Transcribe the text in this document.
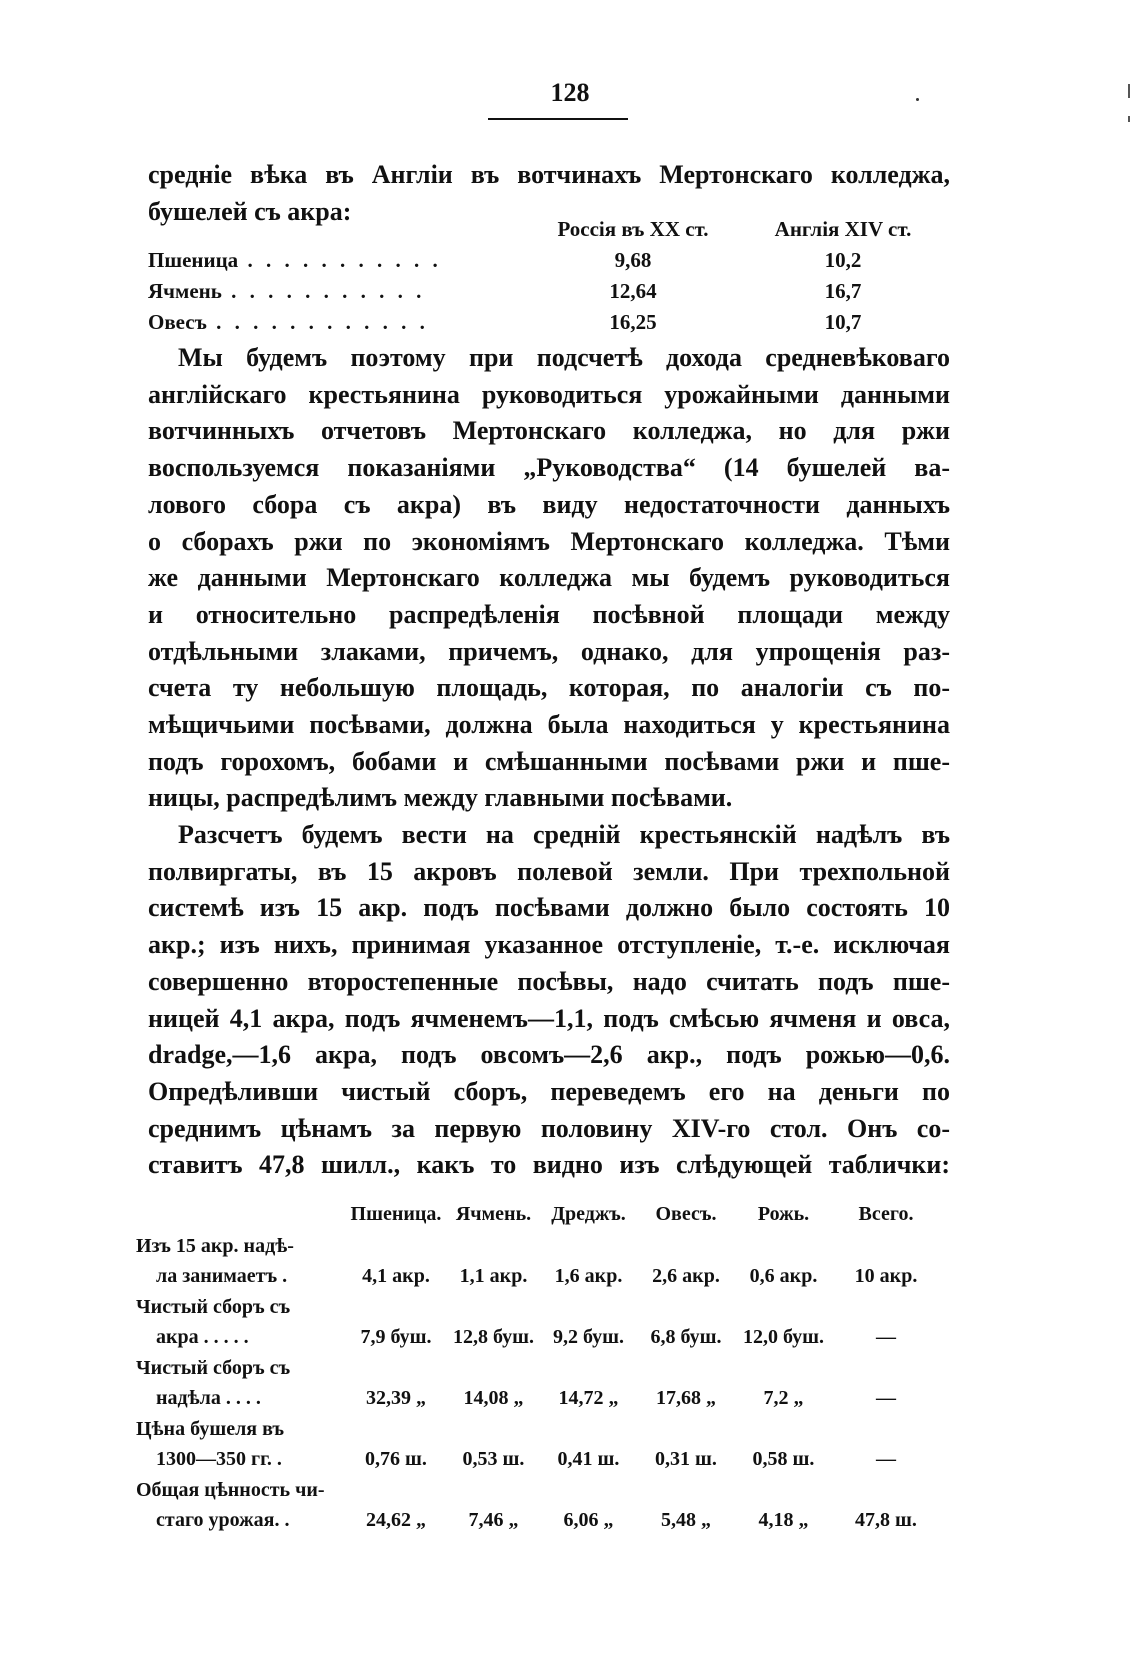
128
средніе вѣка въ Англіи въ вотчинахъ Мертонскаго колледжа,
бушелей съ акра:
Россія въ XX ст.	Англія XIV ст.
Пшеница . . . . . . . . . . .	9,68	10,2
Ячмень . . . . . . . . . . .	12,64	16,7
Овесъ . . . . . . . . . . . .	16,25	10,7
Мы будемъ поэтому при подсчетѣ дохода средневѣковаго
англійскаго крестьянина руководиться урожайными данными
вотчинныхъ отчетовъ Мертонскаго колледжа, но для ржи
воспользуемся показаніями „Руководства“ (14 бушелей ва-
лового сбора съ акра) въ виду недостаточности данныхъ
о сборахъ ржи по экономіямъ Мертонскаго колледжа. Тѣми
же данными Мертонскаго колледжа мы будемъ руководиться
и относительно распредѣленія посѣвной площади между
отдѣльными злаками, причемъ, однако, для упрощенія раз-
счета ту небольшую площадь, которая, по аналогіи съ по-
мѣщичьими посѣвами, должна была находиться у крестьянина
подъ горохомъ, бобами и смѣшанными посѣвами ржи и пше-
ницы, распредѣлимъ между главными посѣвами.
Разсчетъ будемъ вести на средній крестьянскій надѣлъ въ
полвиргаты, въ 15 акровъ полевой земли. При трехпольной
системѣ изъ 15 акр. подъ посѣвами должно было состоять 10
акр.; изъ нихъ, принимая указанное отступленіе, т.-е. исключая
совершенно второстепенные посѣвы, надо считать подъ пше-
ницей 4,1 акра, подъ ячменемъ—1,1, подъ смѣсью ячменя и овса,
dradge,—1,6 акра, подъ овсомъ—2,6 акр., подъ рожью—0,6.
Опредѣливши чистый сборъ, переведемъ его на деньги по
среднимъ цѣнамъ за первую половину XIV-го стол. Онъ со-
ставитъ 47,8 шилл., какъ то видно изъ слѣдующей таблички:
Пшеница. Ячмень.	Дреджъ.	Овесъ.	Рожь.	Всего.
Изъ 15 акр. надѣ-
ла занимаетъ .	4,1 акр.	1,1 акр.	1,6 акр.	2,6 акр.	0,6 акр.	10 акр.
Чистый сборъ съ
акра . . . . .	7,9 буш.	12,8 буш. 9,2 буш.	6,8 буш.	12,0 буш.	—
Чистый сборъ съ
надѣла . . . .	32,39 „	14,08 „	14,72 „	17,68 „	7,2 „	—
Цѣна бушеля въ
1300—350 гг. .	0,76 ш.	0,53 ш.	0,41 ш.	0,31 ш.	0,58 ш.	—
Общая цѣнность чи-
стаго урожая. .	24,62 „	7,46 „	6,06 „	5,48 „	4,18 „	47,8 ш.
